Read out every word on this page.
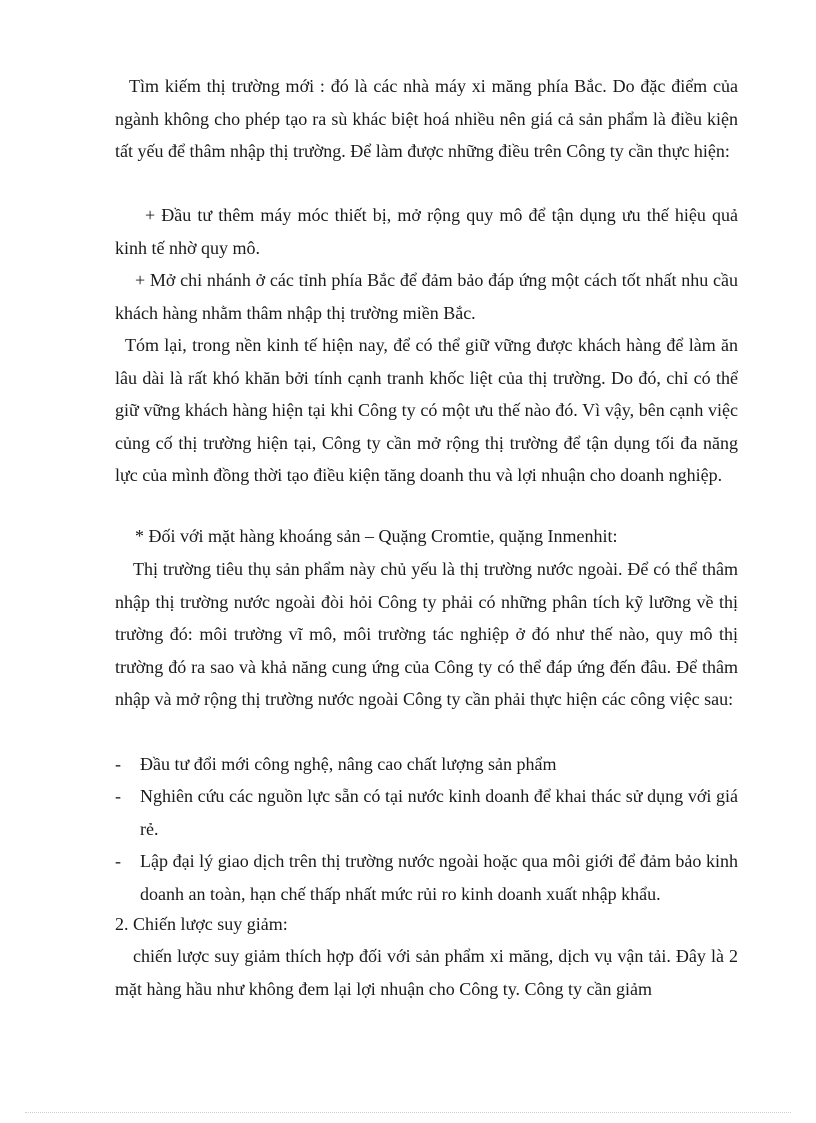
Tìm kiếm thị trường mới : đó là các nhà máy xi măng phía Bắc. Do đặc điểm của ngành không cho phép tạo ra sù khác biệt hoá nhiều nên giá cả sản phẩm là điều kiện tất yếu để thâm nhập thị trường. Để làm được những điều trên Công ty cần thực hiện:

+ Đầu tư thêm máy móc thiết bị, mở rộng quy mô để tận dụng ưu thế hiệu quả kinh tế nhờ quy mô.

+ Mở chi nhánh ở các tỉnh phía Bắc để đảm bảo đáp ứng một cách tốt nhất nhu cầu khách hàng nhằm thâm nhập thị trường miền Bắc.

Tóm lại, trong nền kinh tế hiện nay, để có thể giữ vững được khách hàng để làm ăn lâu dài là rất khó khăn bởi tính cạnh tranh khốc liệt của thị trường. Do đó, chỉ có thể giữ vững khách hàng hiện tại khi Công ty có một ưu thế nào đó. Vì vậy, bên cạnh việc củng cố thị trường hiện tại, Công ty cần mở rộng thị trường để tận dụng tối đa năng lực của mình đồng thời tạo điều kiện tăng doanh thu và lợi nhuận cho doanh nghiệp.

* Đối với mặt hàng khoáng sản – Quặng Cromtie, quặng Inmenhit:

Thị trường tiêu thụ sản phẩm này chủ yếu là thị trường nước ngoài. Để có thể thâm nhập thị trường nước ngoài đòi hỏi Công ty phải có những phân tích kỹ lưỡng về thị trường đó: môi trường vĩ mô, môi trường tác nghiệp ở đó như thế nào, quy mô thị trường đó ra sao và khả năng cung ứng của Công ty có thể đáp ứng đến đâu. Để thâm nhập và mở rộng thị trường nước ngoài Công ty cần phải thực hiện các công việc sau:

- Đầu tư đổi mới công nghệ, nâng cao chất lượng sản phẩm
- Nghiên cứu các nguồn lực sẵn có tại nước kinh doanh để khai thác sử dụng với giá rẻ.
- Lập đại lý giao dịch trên thị trường nước ngoài hoặc qua môi giới để đảm bảo kinh doanh an toàn, hạn chế thấp nhất mức rủi ro kinh doanh xuất nhập khẩu.

2. Chiến lược suy giảm:

chiến lược suy giảm thích hợp đối với sản phẩm xi măng, dịch vụ vận tải. Đây là 2 mặt hàng hầu như không đem lại lợi nhuận cho Công ty. Công ty cần giảm
